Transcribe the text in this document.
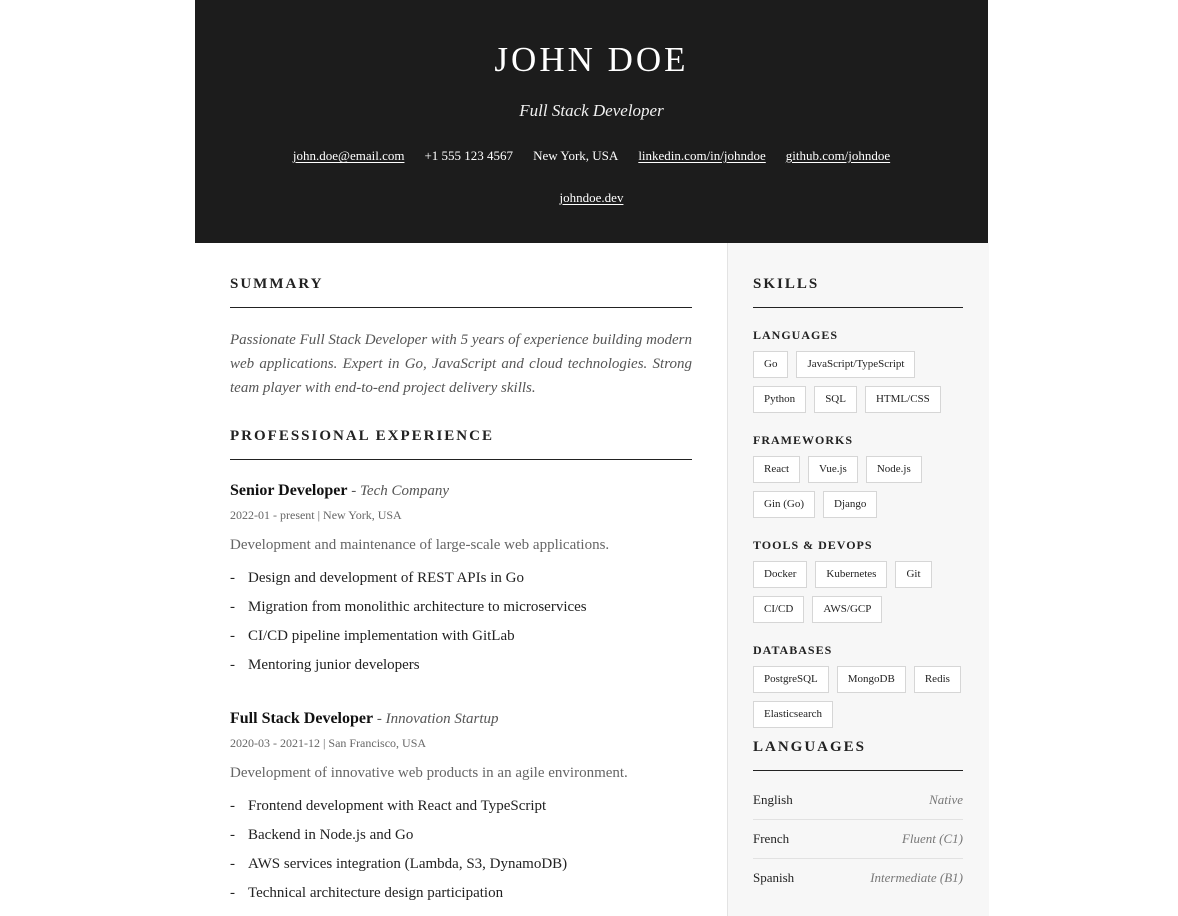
JOHN DOE
Full Stack Developer
john.doe@email.com +1 555 123 4567 New York, USA linkedin.com/in/johndoe github.com/johndoe
johndoe.dev
SUMMARY
Passionate Full Stack Developer with 5 years of experience building modern web applications. Expert in Go, JavaScript and cloud technologies. Strong team player with end-to-end project delivery skills.
PROFESSIONAL EXPERIENCE
Senior Developer - Tech Company
2022-01 - present | New York, USA
Development and maintenance of large-scale web applications.
- Design and development of REST APIs in Go
- Migration from monolithic architecture to microservices
- CI/CD pipeline implementation with GitLab
- Mentoring junior developers
Full Stack Developer - Innovation Startup
2020-03 - 2021-12 | San Francisco, USA
Development of innovative web products in an agile environment.
- Frontend development with React and TypeScript
- Backend in Node.js and Go
- AWS services integration (Lambda, S3, DynamoDB)
- Technical architecture design participation
SKILLS
LANGUAGES
Go	JavaScript/TypeScript
Python	SQL	HTML/CSS
FRAMEWORKS
React	Vue.js	Node.js
Gin (Go)	Django
TOOLS & DEVOPS
Docker	Kubernetes	Git
CI/CD	AWS/GCP
DATABASES
PostgreSQL	MongoDB	Redis
Elasticsearch
LANGUAGES
English	Native
French	Fluent (C1)
Spanish	Intermediate (B1)
